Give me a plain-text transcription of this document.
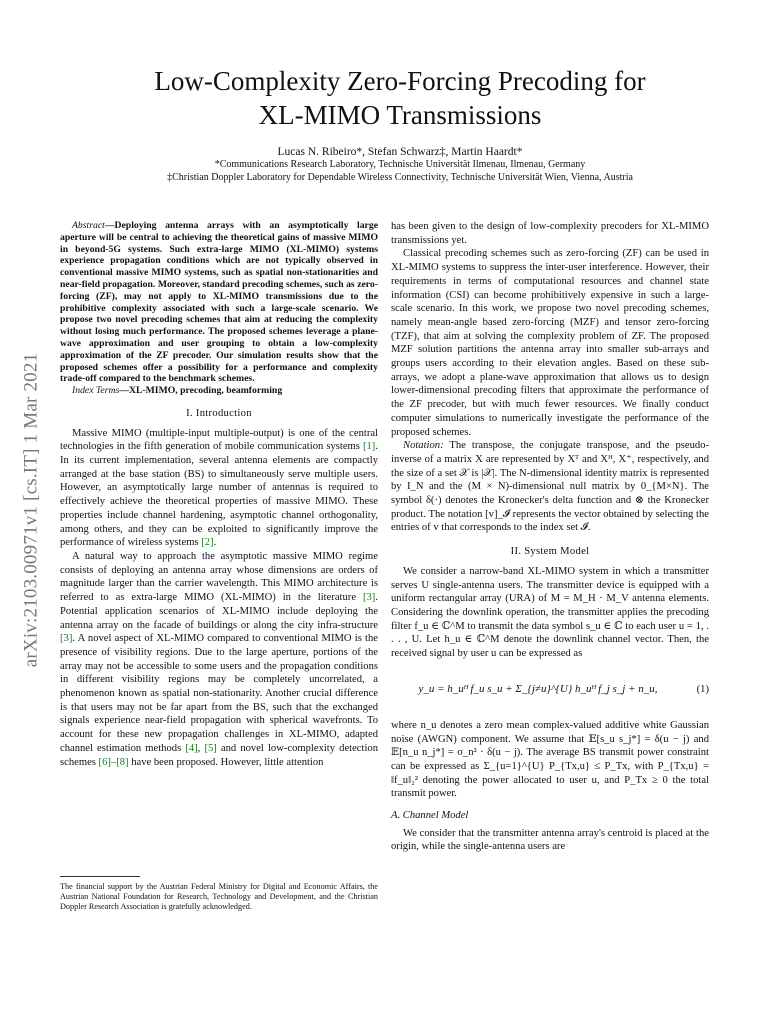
arXiv:2103.00971v1 [cs.IT] 1 Mar 2021
Low-Complexity Zero-Forcing Precoding for
XL-MIMO Transmissions
Lucas N. Ribeiro*, Stefan Schwarz‡, Martin Haardt*
*Communications Research Laboratory, Technische Universität Ilmenau, Ilmenau, Germany
‡Christian Doppler Laboratory for Dependable Wireless Connectivity, Technische Universität Wien, Vienna, Austria

Abstract—Deploying antenna arrays with an asymptotically large aperture will be central to achieving the theoretical gains of massive MIMO in beyond-5G systems. Such extra-large MIMO (XL-MIMO) systems experience propagation conditions which are not typically observed in conventional massive MIMO systems, such as spatial non-stationarities and near-field propagation. Moreover, standard precoding schemes, such as zero-forcing (ZF), may not apply to XL-MIMO transmissions due to the prohibitive complexity associated with such a large-scale scenario. We propose two novel precoding schemes that aim at reducing the complexity without losing much performance. The proposed schemes leverage a plane-wave approximation and user grouping to obtain a low-complexity approximation of the ZF precoder. Our simulation results show that the proposed schemes offer a possibility for a performance and complexity trade-off compared to the benchmark schemes.

Index Terms—XL-MIMO, precoding, beamforming

I. Introduction

Massive MIMO (multiple-input multiple-output) is one of the central technologies in the fifth generation of mobile communication systems [1]. In its current implementation, several antenna elements are compactly arranged at the base station (BS) to simultaneously serve multiple users. However, an asymptotically large number of antennas is required to effectively achieve the theoretical properties of massive MIMO. These properties include channel hardening, asymptotic channel orthogonality, among others, and they can be exploited to significantly improve the performance of wireless systems [2].

A natural way to approach the asymptotic massive MIMO regime consists of deploying an antenna array whose dimensions are orders of magnitude larger than the carrier wavelength. This MIMO architecture is referred to as extra-large MIMO (XL-MIMO) in the literature [3]. Potential application scenarios of XL-MIMO include deploying the antenna array on the facade of buildings or along the city infra-structure [3]. A novel aspect of XL-MIMO compared to conventional MIMO is the presence of visibility regions. Due to the large aperture, portions of the array may not be accessible to some users and the propagation conditions in different visibility regions may be completely uncorrelated, a phenomenon known as spatial non-stationarity. Another crucial difference is that users may not be far apart from the BS, such that the exchanged signals experience near-field propagation with spherical wavefronts. To account for these new propagation challenges in XL-MIMO, adapted channel estimation methods [4], [5] and novel low-complexity detection schemes [6]–[8] have been proposed. However, little attention

The financial support by the Austrian Federal Ministry for Digital and Economic Affairs, the Austrian National Foundation for Research, Technology and Development, and the Christian Doppler Research Association is gratefully acknowledged.

has been given to the design of low-complexity precoders for XL-MIMO transmissions yet.

Classical precoding schemes such as zero-forcing (ZF) can be used in XL-MIMO systems to suppress the inter-user interference. However, their requirements in terms of computational resources and channel state information (CSI) can become prohibitively expensive in such a large-scale scenario. In this work, we propose two novel precoding schemes, namely mean-angle based zero-forcing (MZF) and tensor zero-forcing (TZF), that aim at solving the complexity problem of ZF. The proposed MZF solution partitions the antenna array into smaller sub-arrays and groups users according to their elevation angles. Based on these sub-arrays, we adopt a plane-wave approximation that allows us to design lower-dimensional precoding filters that approximate the performance of the ZF precoder, but with much fewer resources. We finally conduct computer simulations to numerically investigate the performance of the proposed schemes.

Notation: The transpose, the conjugate transpose, and the pseudo-inverse of a matrix X are represented by Xᵀ and Xᴴ, X⁺, respectively, and the size of a set 𝒳 is |𝒳|. The N-dimensional identity matrix is represented by I_N and the (M × N)-dimensional null matrix by 0_{M×N}. The symbol δ(·) denotes the Kronecker's delta function and ⊗ the Kronecker product. The notation [v]_𝓘 represents the vector obtained by selecting the entries of v that corresponds to the index set 𝓘.

II. System Model

We consider a narrow-band XL-MIMO system in which a transmitter serves U single-antenna users. The transmitter device is equipped with a uniform rectangular array (URA) of M = M_H · M_V antenna elements. Considering the downlink operation, the transmitter applies the precoding filter f_u ∈ ℂ^M to transmit the data symbol s_u ∈ ℂ to each user u = 1, . . . , U. Let h_u ∈ ℂ^M denote the downlink channel vector. Then, the received signal by user u can be expressed as

y_u = h_uᴴ f_u s_u + Σ_{j≠u}^{U} h_uᴴ f_j s_j + n_u,	(1)

where n_u denotes a zero mean complex-valued additive white Gaussian noise (AWGN) component. We assume that 𝔼[s_u s_j*] = δ(u − j) and 𝔼[n_u n_j*] = σ_n² · δ(u − j). The average BS transmit power constraint can be expressed as Σ_{u=1}^{U} P_{Tx,u} ≤ P_Tx, with P_{Tx,u} = ‖f_u‖₂² denoting the power allocated to user u, and P_Tx ≥ 0 the total transmit power.

A. Channel Model

We consider that the transmitter antenna array's centroid is placed at the origin, while the single-antenna users are
